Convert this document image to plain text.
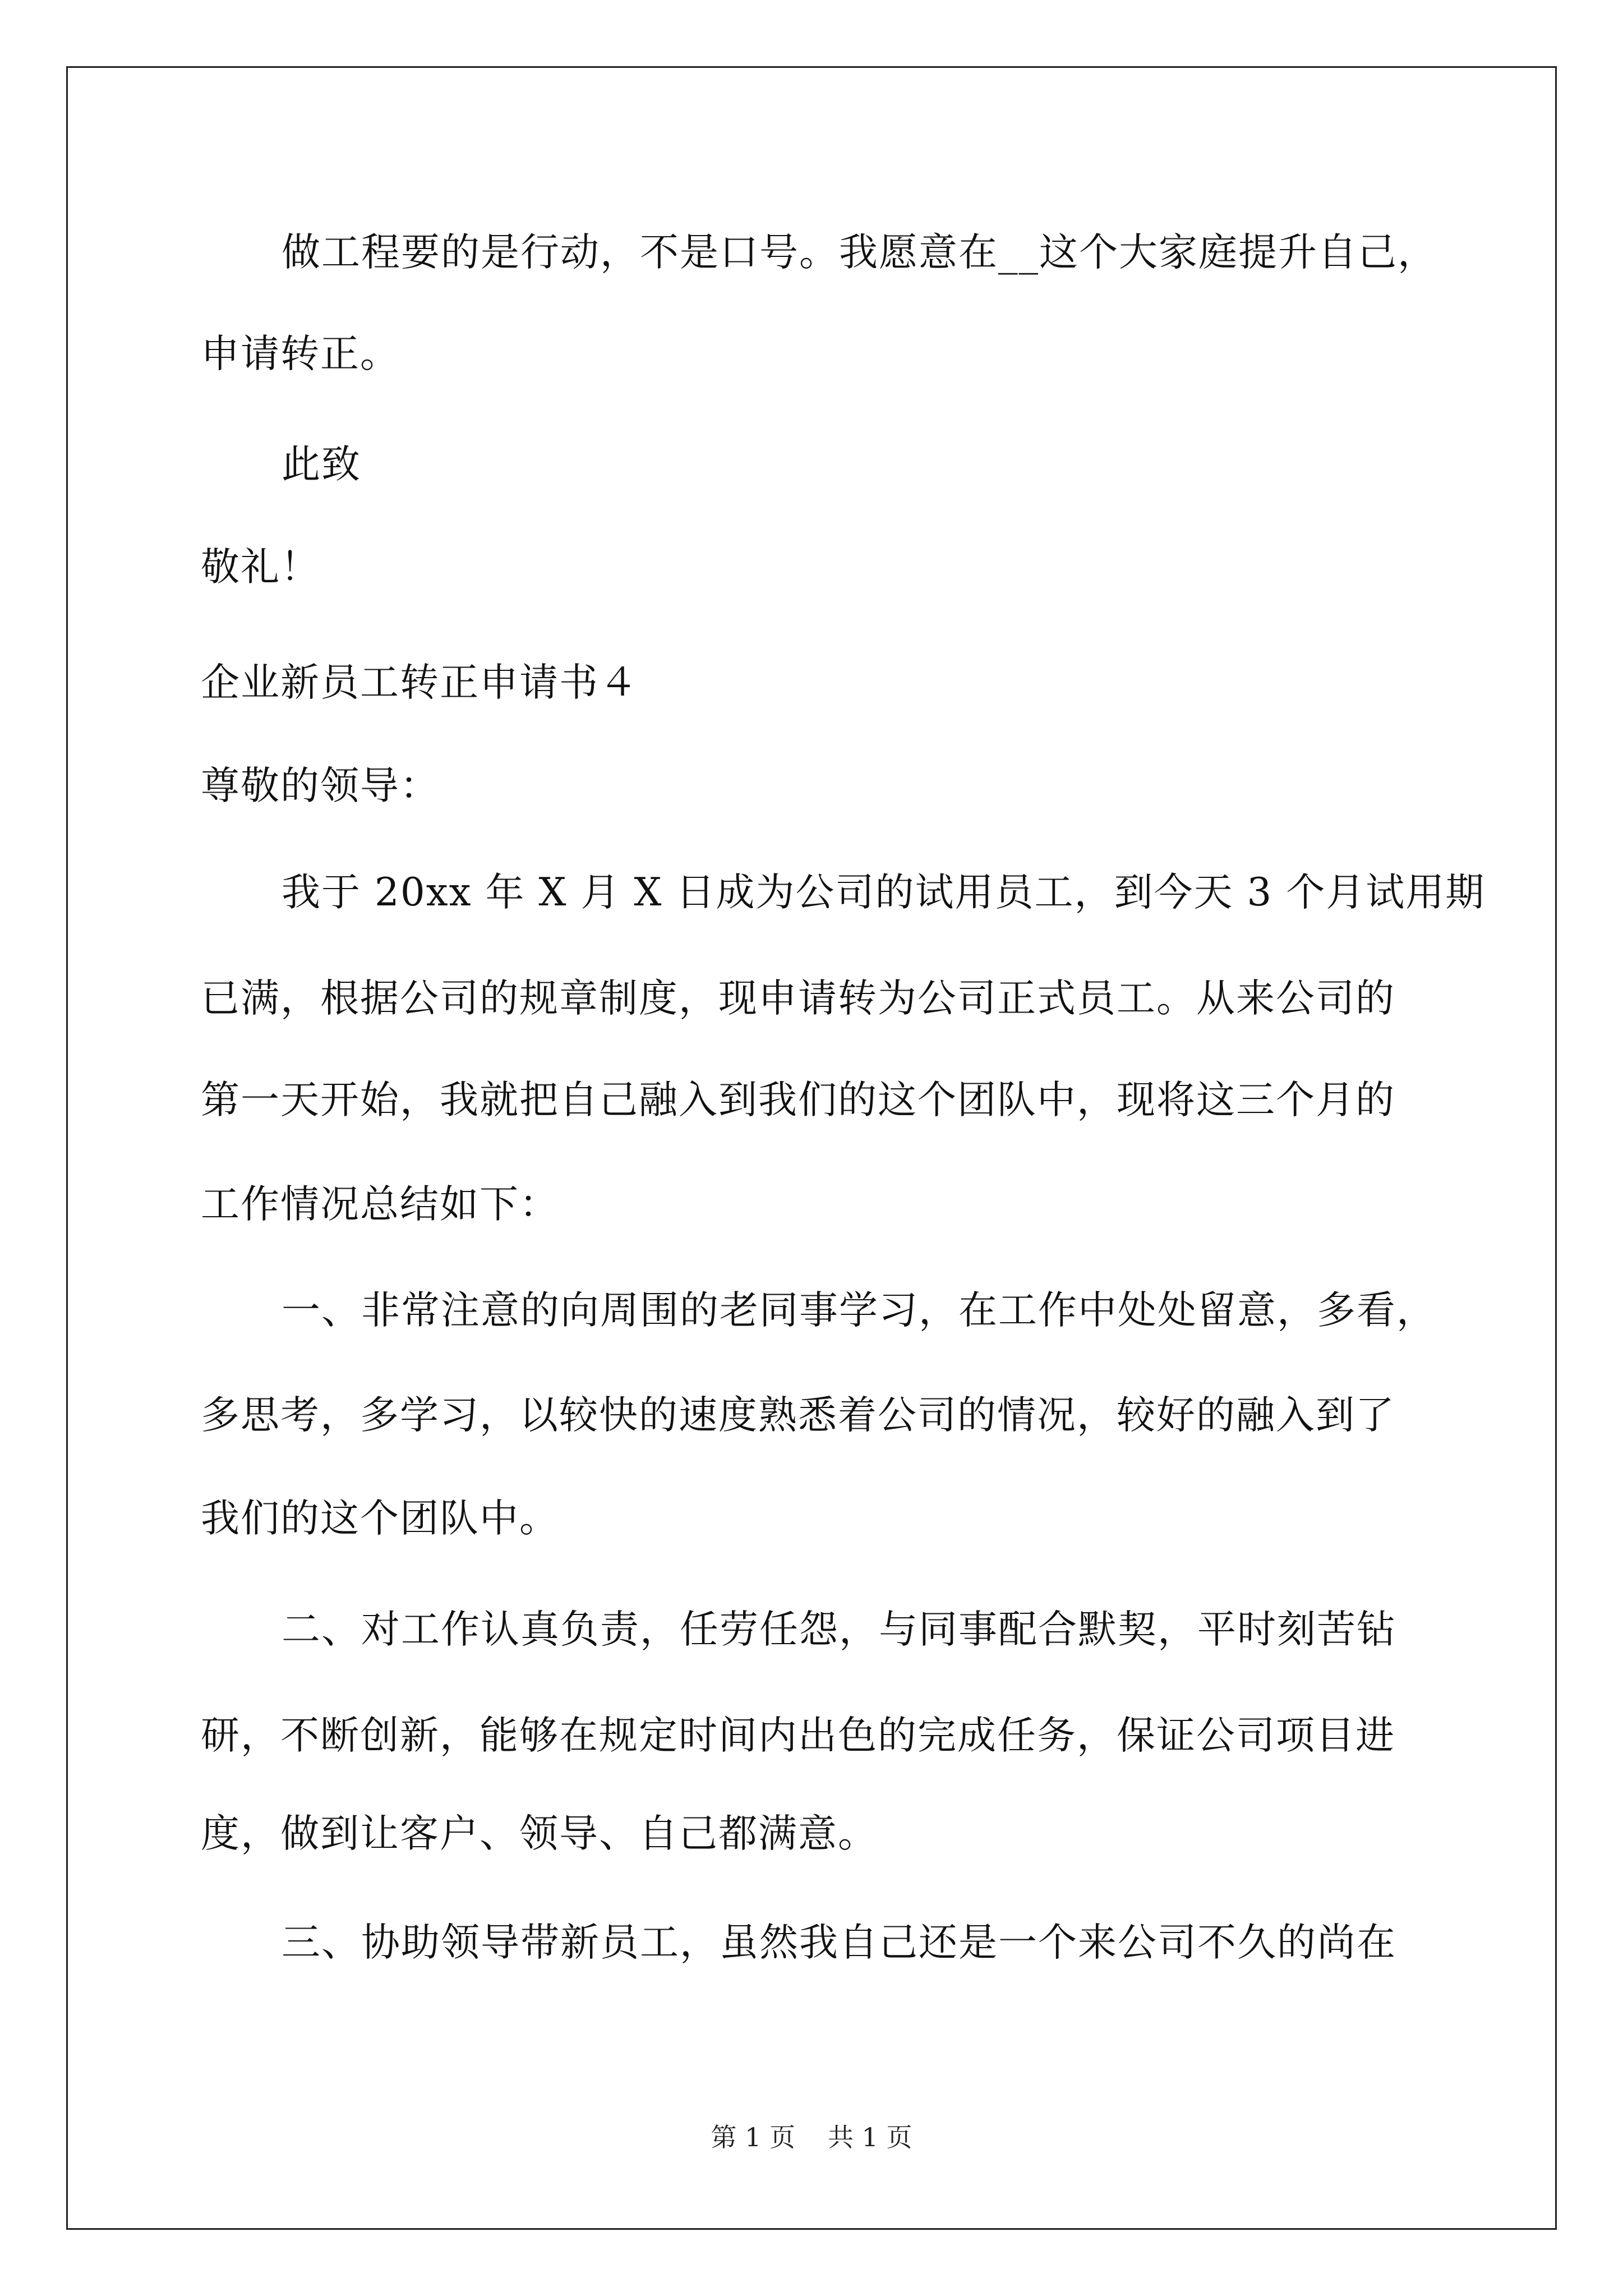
做工程要的是行动，不是口号。我愿意在__这个大家庭提升自己，
申请转正。
此致
敬礼！
企业新员工转正申请书４
尊敬的领导：
我于 20xx 年 X 月 X 日成为公司的试用员工，到今天 3 个月试用期
已满，根据公司的规章制度，现申请转为公司正式员工。从来公司的
第一天开始，我就把自己融入到我们的这个团队中，现将这三个月的
工作情况总结如下：
一、非常注意的向周围的老同事学习，在工作中处处留意，多看，
多思考，多学习，以较快的速度熟悉着公司的情况，较好的融入到了
我们的这个团队中。
二、对工作认真负责，任劳任怨，与同事配合默契，平时刻苦钻
研，不断创新，能够在规定时间内出色的完成任务，保证公司项目进
度，做到让客户、领导、自己都满意。
三、协助领导带新员工，虽然我自己还是一个来公司不久的尚在
第 1 页 共 1 页
